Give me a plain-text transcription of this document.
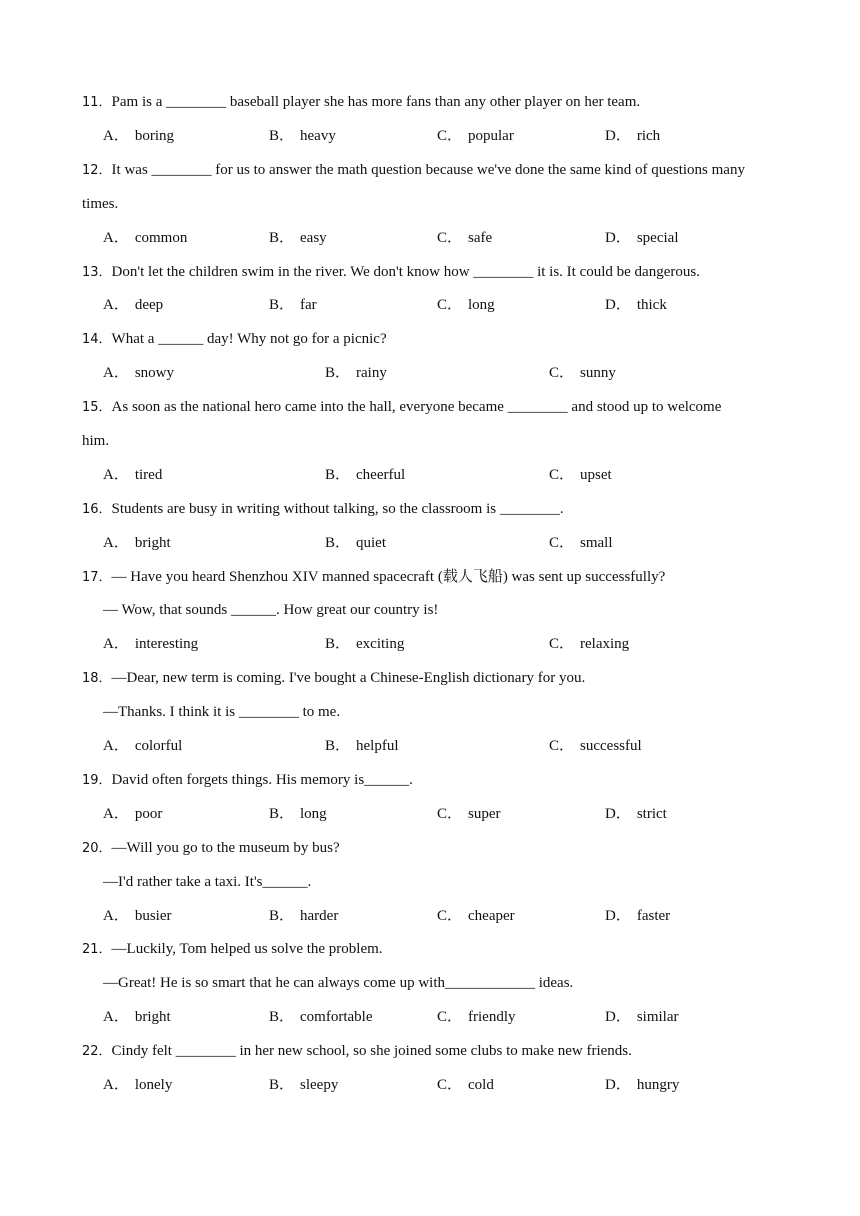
11．Pam is a ________ baseball player she has more fans than any other player on her team.
A． boring	B． heavy	C． popular	D． rich
12．It was ________ for us to answer the math question because we've done the same kind of questions many
times.
A． common	B． easy	C． safe	D． special
13．Don't let the children swim in the river. We don't know how ________ it is. It could be dangerous.
A． deep	B． far	C． long	D． thick
14．What a ______ day! Why not go for a picnic?
A． snowy	B． rainy	C． sunny
15．As soon as the national hero came into the hall, everyone became ________ and stood up to welcome
him.
A． tired	B． cheerful	C． upset
16．Students are busy in writing without talking, so the classroom is ________.
A． bright	B． quiet	C． small
17．— Have you heard Shenzhou XIV manned spacecraft (载人飞船) was sent up successfully?
— Wow, that sounds ______. How great our country is!
A． interesting	B． exciting	C． relaxing
18．—Dear, new term is coming. I've bought a Chinese-English dictionary for you.
—Thanks. I think it is ________ to me.
A． colorful	B． helpful	C． successful
19．David often forgets things. His memory is______.
A． poor	B． long	C． super	D． strict
20．—Will you go to the museum by bus?
—I'd rather take a taxi. It's______.
A． busier	B． harder	C． cheaper	D． faster
21．—Luckily, Tom helped us solve the problem.
—Great! He is so smart that he can always come up with____________ ideas.
A． bright	B． comfortable	C． friendly	D． similar
22．Cindy felt ________ in her new school, so she joined some clubs to make new friends.
A． lonely	B． sleepy	C． cold	D． hungry
